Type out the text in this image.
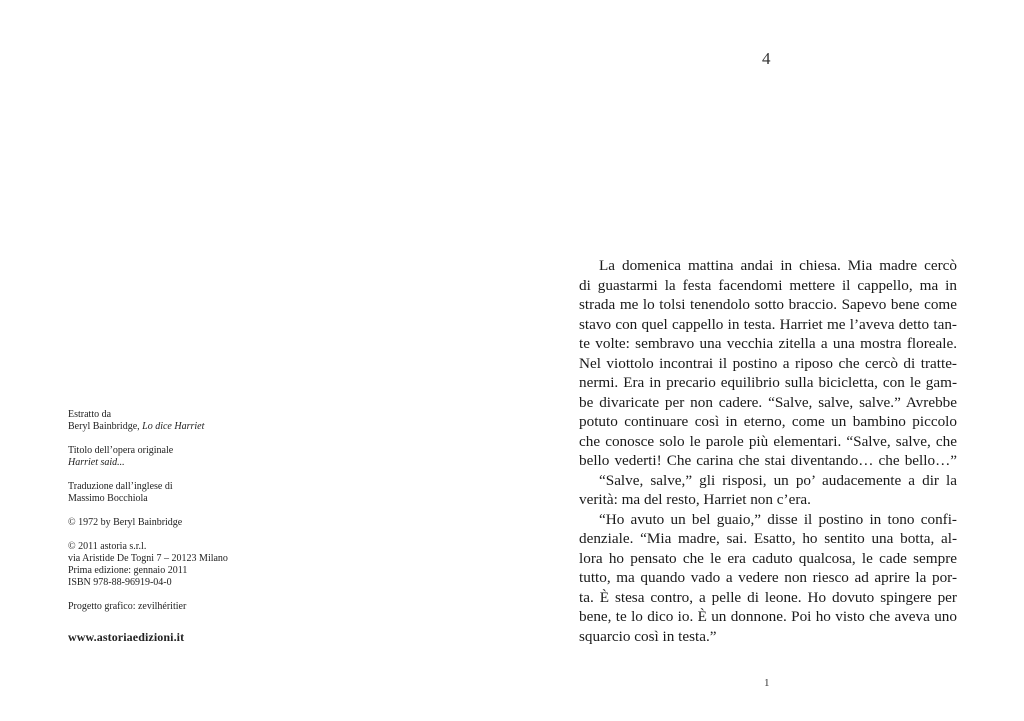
Estratto da
Beryl Bainbridge, Lo dice Harriet
Titolo dell’opera originale
Harriet said...
Traduzione dall’inglese di
Massimo Bocchiola
© 1972 by Beryl Bainbridge
© 2011 astoria s.r.l.
via Aristide De Togni 7 – 20123 Milano
Prima edizione: gennaio 2011
ISBN 978-88-96919-04-0
Progetto grafico: zevilhéritier
www.astoriaedizioni.it
4
La domenica mattina andai in chiesa. Mia madre cercò
di guastarmi la festa facendomi mettere il cappello, ma in
strada me lo tolsi tenendolo sotto braccio. Sapevo bene come
stavo con quel cappello in testa. Harriet me l’aveva detto tan-
te volte: sembravo una vecchia zitella a una mostra floreale.
Nel viottolo incontrai il postino a riposo che cercò di tratte-
nermi. Era in precario equilibrio sulla bicicletta, con le gam-
be divaricate per non cadere. “Salve, salve, salve.” Avrebbe
potuto continuare così in eterno, come un bambino piccolo
che conosce solo le parole più elementari. “Salve, salve, che
bello vederti! Che carina che stai diventando… che bello…”
“Salve, salve,” gli risposi, un po’ audacemente a dir la
verità: ma del resto, Harriet non c’era.
“Ho avuto un bel guaio,” disse il postino in tono confi-
denziale. “Mia madre, sai. Esatto, ho sentito una botta, al-
lora ho pensato che le era caduto qualcosa, le cade sempre
tutto, ma quando vado a vedere non riesco ad aprire la por-
ta. È stesa contro, a pelle di leone. Ho dovuto spingere per
bene, te lo dico io. È un donnone. Poi ho visto che aveva uno
squarcio così in testa.”
1
